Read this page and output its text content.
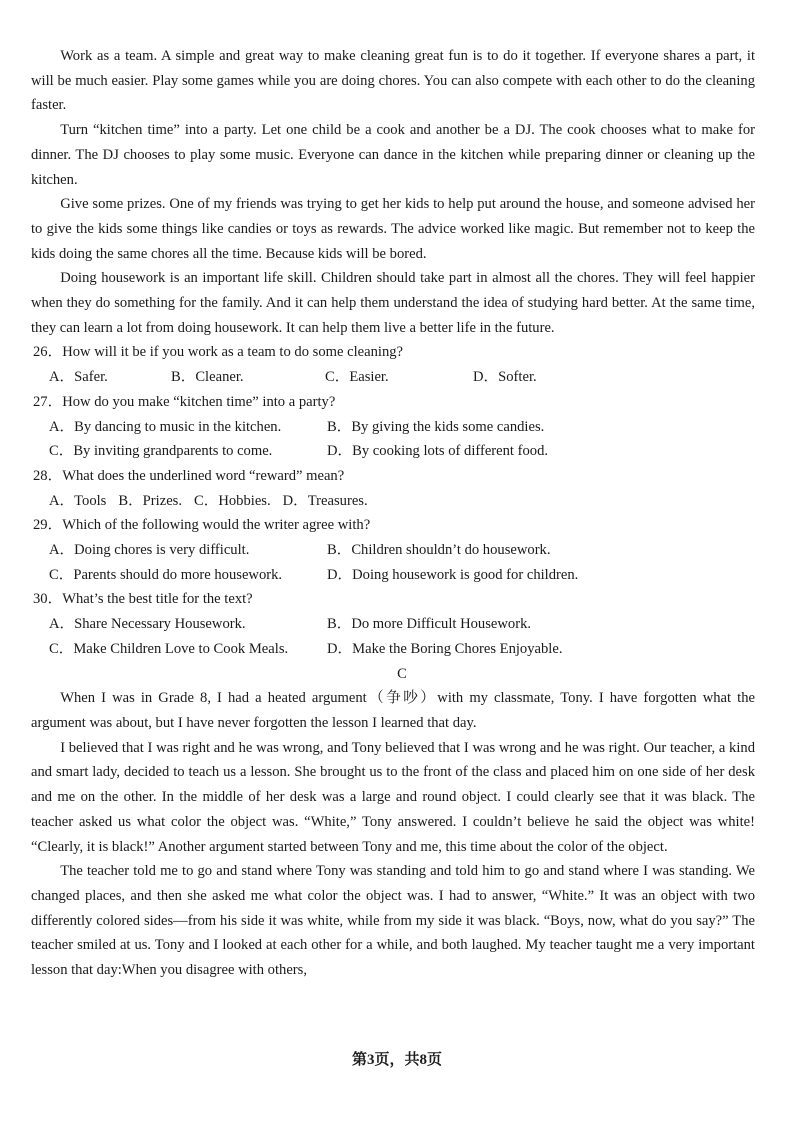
Work as a team. A simple and great way to make cleaning great fun is to do it together. If everyone shares a part, it will be much easier. Play some games while you are doing chores. You can also compete with each other to do the cleaning faster.

Turn “kitchen time” into a party. Let one child be a cook and another be a DJ. The cook chooses what to make for dinner. The DJ chooses to play some music. Everyone can dance in the kitchen while preparing dinner or cleaning up the kitchen.

Give some prizes. One of my friends was trying to get her kids to help put around the house, and someone advised her to give the kids some things like candies or toys as rewards. The advice worked like magic. But remember not to keep the kids doing the same chores all the time. Because kids will be bored.

Doing housework is an important life skill. Children should take part in almost all the chores. They will feel happier when they do something for the family. And it can help them understand the idea of studying hard better. At the same time, they can learn a lot from doing housework. It can help them live a better life in the future.

26．How will it be if you work as a team to do some cleaning?

A．Safer.	B．Cleaner.	C．Easier.	D．Softer.

27．How do you make “kitchen time” into a party?

A．By dancing to music in the kitchen.	B．By giving the kids some candies.
C．By inviting grandparents to come.	D．By cooking lots of different food.

28．What does the underlined word “reward” mean?

A．Tools B．Prizes. C．Hobbies. D．Treasures.

29．Which of the following would the writer agree with?

A．Doing chores is very difficult.	B．Children shouldn’t do housework.
C．Parents should do more housework.	D．Doing housework is good for children.

30．What’s the best title for the text?

A．Share Necessary Housework.	B．Do more Difficult Housework.
C．Make Children Love to Cook Meals.	D．Make the Boring Chores Enjoyable.

C

When I was in Grade 8, I had a heated argument（争吵）with my classmate, Tony. I have forgotten what the argument was about, but I have never forgotten the lesson I learned that day.

I believed that I was right and he was wrong, and Tony believed that I was wrong and he was right. Our teacher, a kind and smart lady, decided to teach us a lesson. She brought us to the front of the class and placed him on one side of her desk and me on the other. In the middle of her desk was a large and round object. I could clearly see that it was black. The teacher asked us what color the object was. “White,” Tony answered. I couldn’t believe he said the object was white! “Clearly, it is black!” Another argument started between Tony and me, this time about the color of the object.

The teacher told me to go and stand where Tony was standing and told him to go and stand where I was standing. We changed places, and then she asked me what color the object was. I had to answer, “White.” It was an object with two differently colored sides—from his side it was white, while from my side it was black. “Boys, now, what do you say?” The teacher smiled at us. Tony and I looked at each other for a while, and both laughed. My teacher taught me a very important lesson that day:When you disagree with others,

第3页，共8页
